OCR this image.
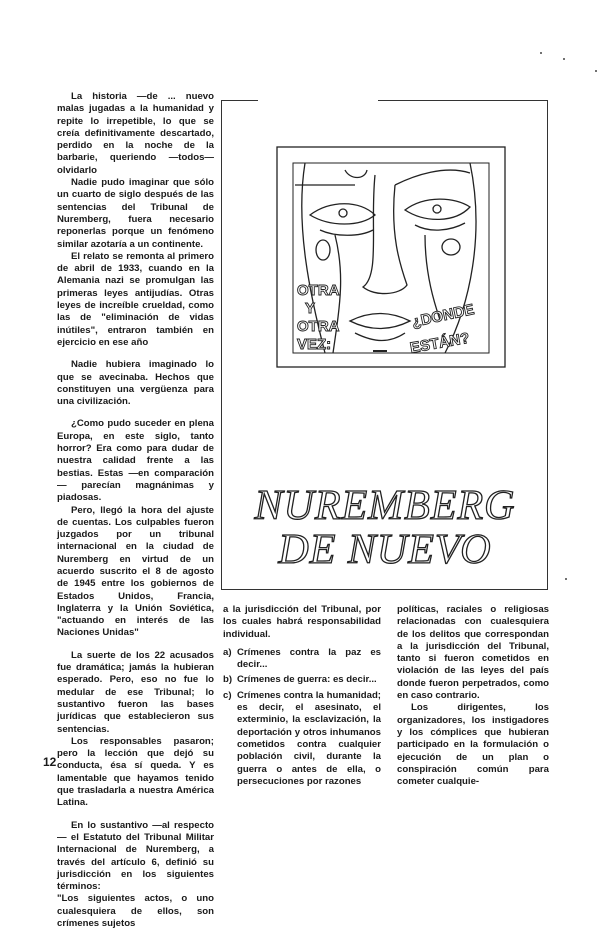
La historia —de ... nuevo malas jugadas a la humanidad y repite lo irrepetible, lo que se creía definitivamente descartado, perdido en la noche de la barbarie, queriendo —todos— olvidarlo

Nadie pudo imaginar que sólo un cuarto de siglo después de las sentencias del Tribunal de Nuremberg, fuera necesario reponerlas porque un fenómeno similar azotaría a un continente.

El relato se remonta al primero de abril de 1933, cuando en la Alemania nazi se promulgan las primeras leyes antijudías. Otras leyes de increíble crueldad, como las de "eliminación de vidas inútiles", entraron también en ejercicio en ese año

Nadie hubiera imaginado lo que se avecinaba. Hechos que constituyen una vergüenza para una civilización.

¿Como pudo suceder en plena Europa, en este siglo, tanto horror? Era como para dudar de nuestra calidad frente a las bestias. Estas —en comparación— parecían magnánimas y piadosas.

Pero, llegó la hora del ajuste de cuentas. Los culpables fueron juzgados por un tribunal internacional en la ciudad de Nuremberg en virtud de un acuerdo suscrito el 8 de agosto de 1945 entre los gobiernos de Estados Unidos, Francia, Inglaterra y la Unión Soviética, "actuando en interés de las Naciones Unidas"

La suerte de los 22 acusados fue dramática; jamás la hubieran esperado. Pero, eso no fue lo medular de ese Tribunal; lo sustantivo fueron las bases jurídicas que establecieron sus sentencias.

Los responsables pasaron; pero la lección que dejó su conducta, ésa sí queda. Y es lamentable que hayamos tenido que trasladarla a nuestra América Latina.

En lo sustantivo —al respecto— el Estatuto del Tribunal Militar Internacional de Nuremberg, a través del artículo 6, definió su jurisdicción en los siguientes términos:

"Los siguientes actos, o uno cualesquiera de ellos, son crímenes sujetos

12
OTRA
Y
OTRA
VEZ:
¿DONDE
ESTÁN?
NUREMBERG
DE NUEVO

a la jurisdicción del Tribunal, por los cuales habrá responsabilidad individual.

a) Crímenes contra la paz es decir...
b) Crímenes de guerra: es decir...
c) Crímenes contra la humanidad; es decir, el asesinato, el exterminio, la esclavización, la deportación y otros inhumanos cometidos contra cualquier población civil, durante la guerra o antes de ella, o persecuciones por razones

políticas, raciales o religiosas relacionadas con cualesquiera de los delitos que correspondan a la jurisdicción del Tribunal, tanto si fueron cometidos en violación de las leyes del país donde fueron perpetrados, como en caso contrario.

Los dirigentes, los organizadores, los instigadores y los cómplices que hubieran participado en la formulación o ejecución de un plan o conspiración común para cometer cualquie-
